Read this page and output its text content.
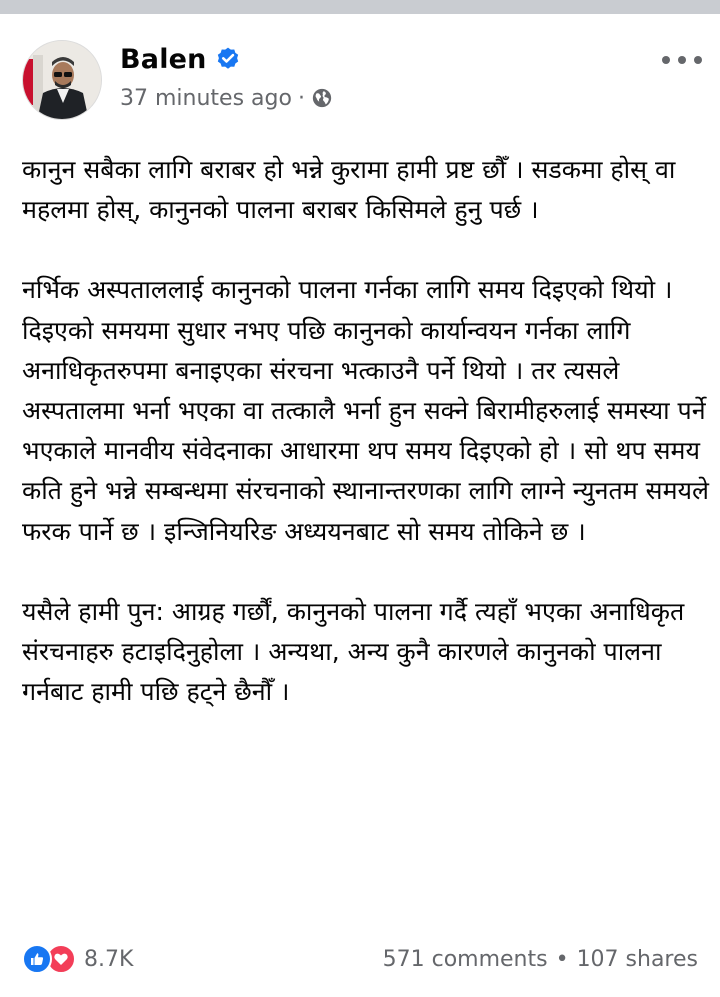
Balen
37 minutes ago ·

कानुन सबैका लागि बराबर हो भन्ने कुरामा हामी प्रष्ट छौँ । सडकमा होस् वा महलमा होस्, कानुनको पालना बराबर किसिमले हुनु पर्छ ।

नर्भिक अस्पताललाई कानुनको पालना गर्नका लागि समय दिइएको थियो । दिइएको समयमा सुधार नभए पछि कानुनको कार्यान्वयन गर्नका लागि अनाधिकृतरुपमा बनाइएका संरचना भत्काउनै पर्ने थियो । तर त्यसले अस्पतालमा भर्ना भएका वा तत्कालै भर्ना हुन सक्ने बिरामीहरुलाई समस्या पर्ने भएकाले मानवीय संवेदनाका आधारमा थप समय दिइएको हो । सो थप समय कति हुने भन्ने सम्बन्धमा संरचनाको स्थानान्तरणका लागि लाग्ने न्युनतम समयले फरक पार्ने छ । इन्जिनियरिङ अध्ययनबाट सो समय तोकिने छ ।

यसैले हामी पुन: आग्रह गर्छौं, कानुनको पालना गर्दै त्यहाँ भएका अनाधिकृत संरचनाहरु हटाइदिनुहोला । अन्यथा, अन्य कुनै कारणले कानुनको पालना गर्नबाट हामी पछि हट्ने छैनौँ ।

8.7K	571 comments • 107 shares
